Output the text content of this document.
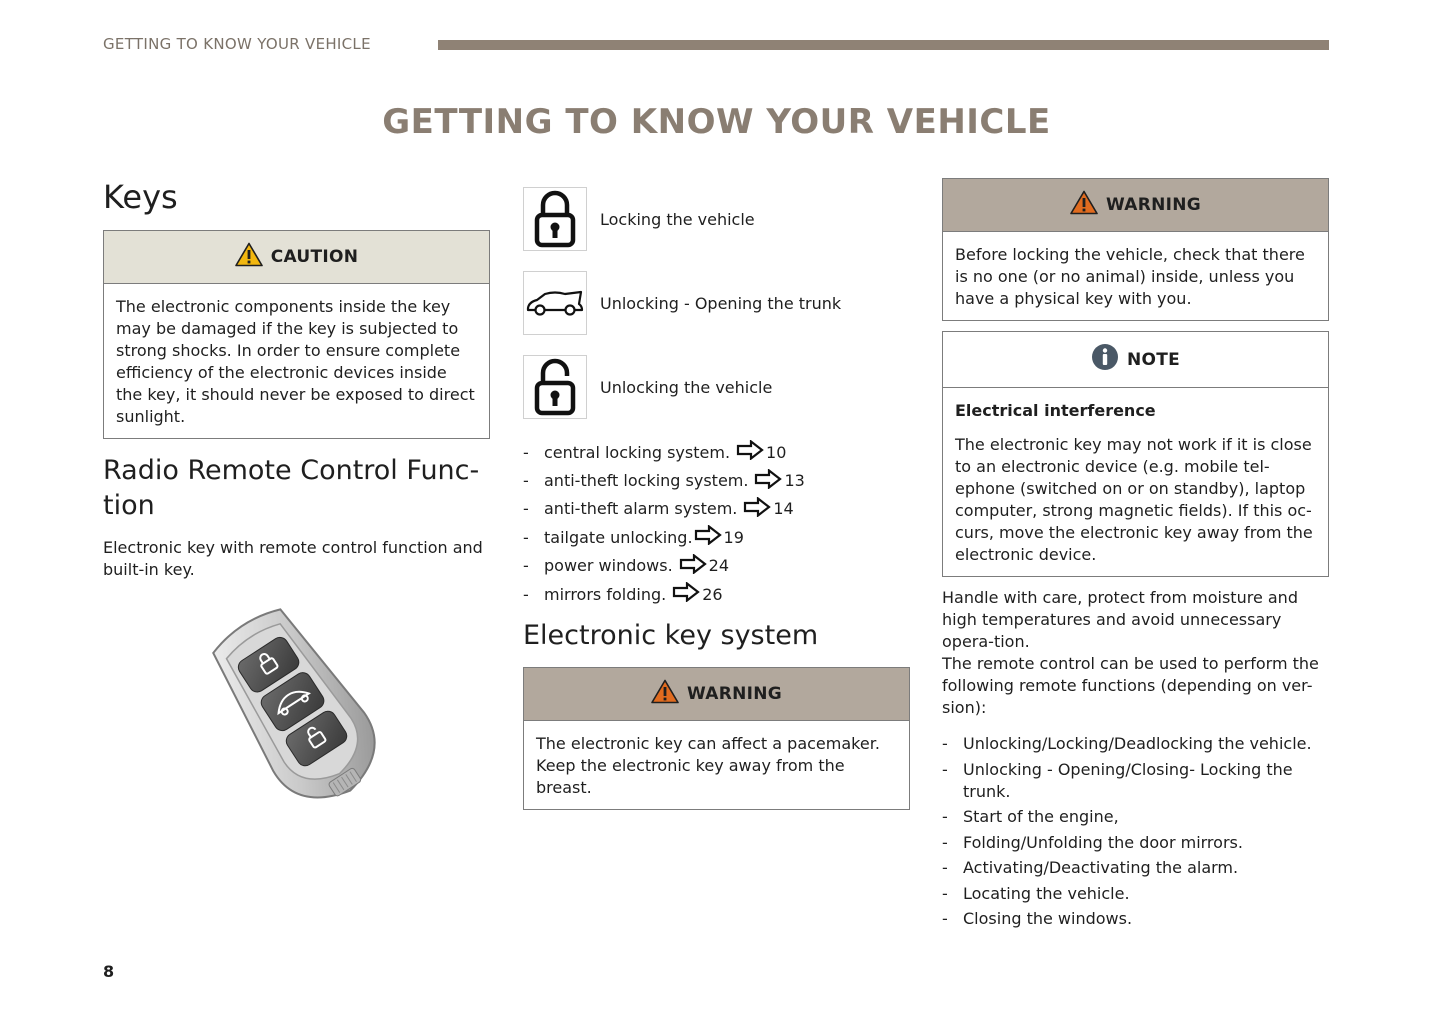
GETTING TO KNOW YOUR VEHICLE
GETTING TO KNOW YOUR VEHICLE
Keys
CAUTION

The electronic components inside the key may be damaged if the key is subjected to strong shocks. In order to ensure complete efficiency of the electronic devices inside the key, it should never be exposed to direct sunlight.

Radio Remote Control Func-tion

Electronic key with remote control function and built-in key.

Locking the vehicle
Unlocking - Opening the trunk
Unlocking the vehicle
- central locking system. 10
- anti-theft locking system. 13
- anti-theft alarm system. 14
- tailgate unlocking. 19
- power windows. 24
- mirrors folding. 26
Electronic key system
WARNING

The electronic key can affect a pacemaker. Keep the electronic key away from the breast.

WARNING

Before locking the vehicle, check that there is no one (or no animal) inside, unless you have a physical key with you.

NOTE

Electrical interference

The electronic key may not work if it is close to an electronic device (e.g. mobile tel-ephone (switched on or on standby), laptop computer, strong magnetic fields). If this oc-curs, move the electronic key away from the electronic device.

Handle with care, protect from moisture and high temperatures and avoid unnecessary opera-tion.

The remote control can be used to perform the following remote functions (depending on ver-sion):

- Unlocking/Locking/Deadlocking the vehicle.
- Unlocking - Opening/Closing- Locking the trunk.
- Start of the engine,
- Folding/Unfolding the door mirrors.
- Activating/Deactivating the alarm.
- Locating the vehicle.
- Closing the windows.
8
